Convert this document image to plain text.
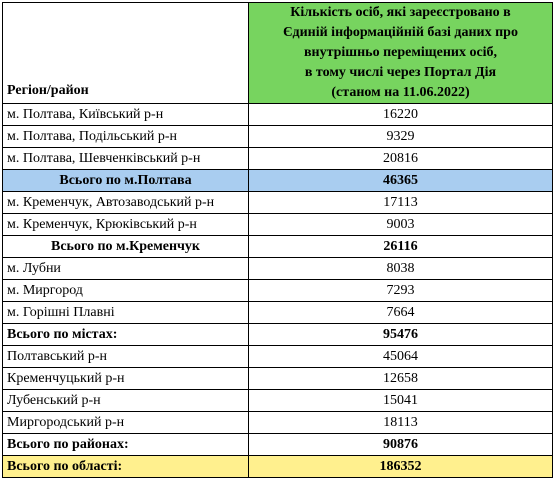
Регіон/район	Кількість осіб, які зареєстровано в
Єдиній інформаційній базі даних про
внутрішньо переміщених осіб,
в тому числі через Портал Дія
(станом на 11.06.2022)
м. Полтава, Київський р-н	16220
м. Полтава, Подільський р-н	9329
м. Полтава, Шевченківський р-н	20816
Всього по м.Полтава	46365
м. Кременчук, Автозаводський р-н	17113
м. Кременчук, Крюківський р-н	9003
Всього по м.Кременчук	26116
м. Лубни	8038
м. Миргород	7293
м. Горішні Плавні	7664
Всього по містах:	95476
Полтавський р-н	45064
Кременчуцький р-н	12658
Лубенський р-н	15041
Миргородський р-н	18113
Всього по районах:	90876
Всього по області:	186352
